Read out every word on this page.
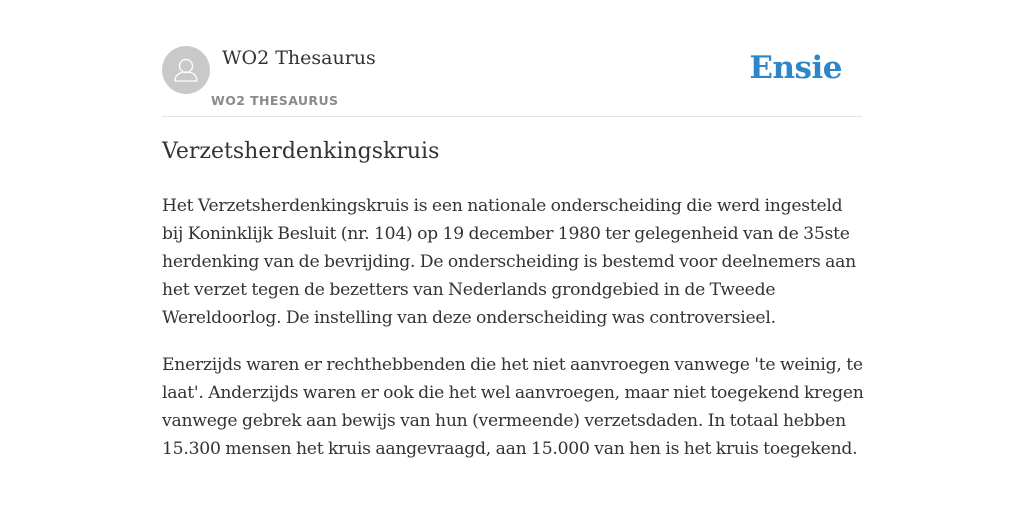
WO2 Thesaurus
WO2 THESAURUS
Ensie
Verzetsherdenkingskruis

Het Verzetsherdenkingskruis is een nationale onderscheiding die werd ingesteld bij Koninklijk Besluit (nr. 104) op 19 december 1980 ter gelegenheid van de 35ste herdenking van de bevrijding. De onderscheiding is bestemd voor deelnemers aan het verzet tegen de bezetters van Nederlands grondgebied in de Tweede Wereldoorlog. De instelling van deze onderscheiding was controversieel.

Enerzijds waren er rechthebbenden die het niet aanvroegen vanwege 'te weinig, te laat'. Anderzijds waren er ook die het wel aanvroegen, maar niet toegekend kregen vanwege gebrek aan bewijs van hun (vermeende) verzetsdaden. In totaal hebben 15.300 mensen het kruis aangevraagd, aan 15.000 van hen is het kruis toegekend.
